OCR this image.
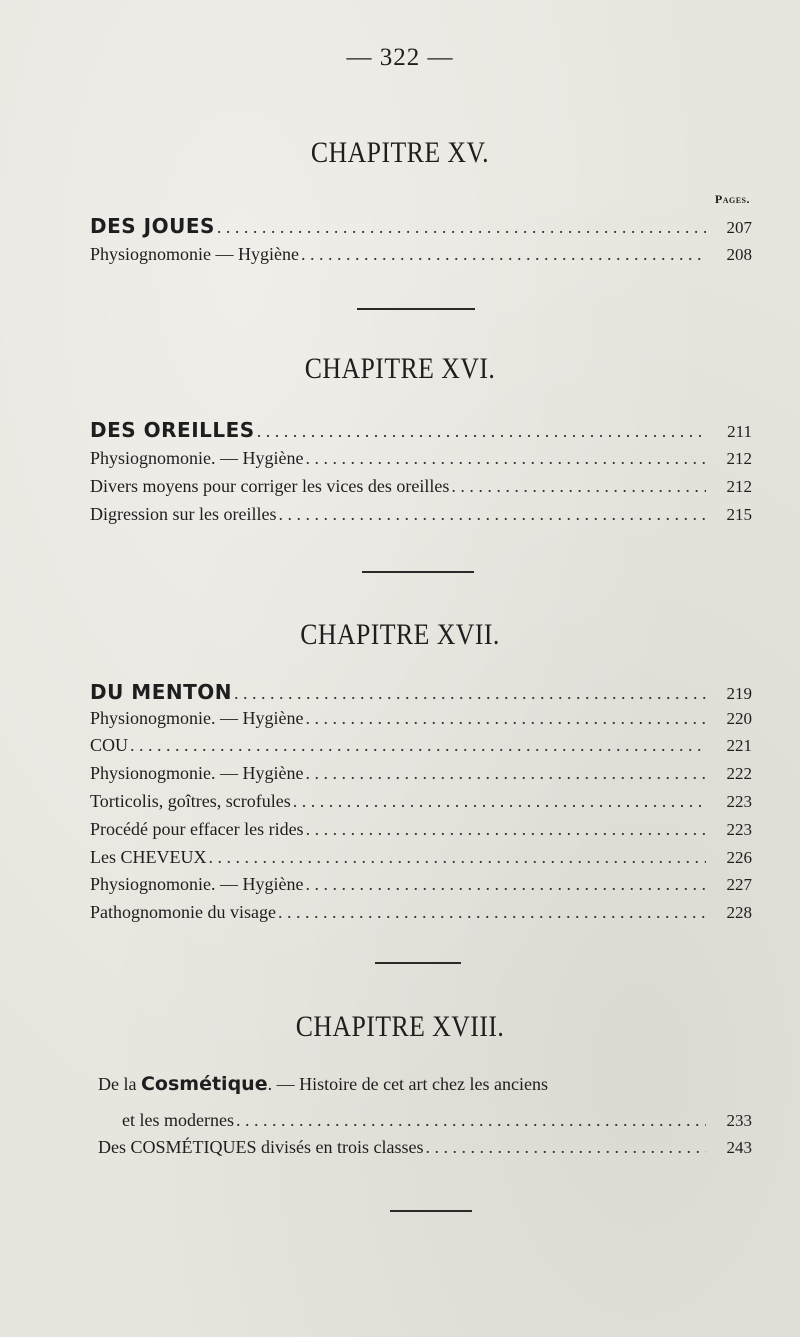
— 322 —
CHAPITRE XV.
Pages.
DES JOUES . . .	207
Physiognomonie — Hygiène . . .	208
CHAPITRE XVI.
DES OREILLES . . .	211
Physiognomonie. — Hygiène . . .	212
Divers moyens pour corriger les vices des oreilles . . .	212
Digression sur les oreilles . . .	215
CHAPITRE XVII.
DU MENTON . . .	219
Physionogmonie. — Hygiène . . .	220
COU . . .	221
Physionogmonie. — Hygiène . . .	222
Torticolis, goîtres, scrofules . . .	223
Procédé pour effacer les rides . . .	223
Les CHEVEUX . . .	226
Physiognomonie. — Hygiène . . .	227
Pathognomonie du visage . . .	228
CHAPITRE XVIII.
De la Cosmétique. — Histoire de cet art chez les anciens
et les modernes . . .	233
Des COSMÉTIQUES divisés en trois classes . . .	243
